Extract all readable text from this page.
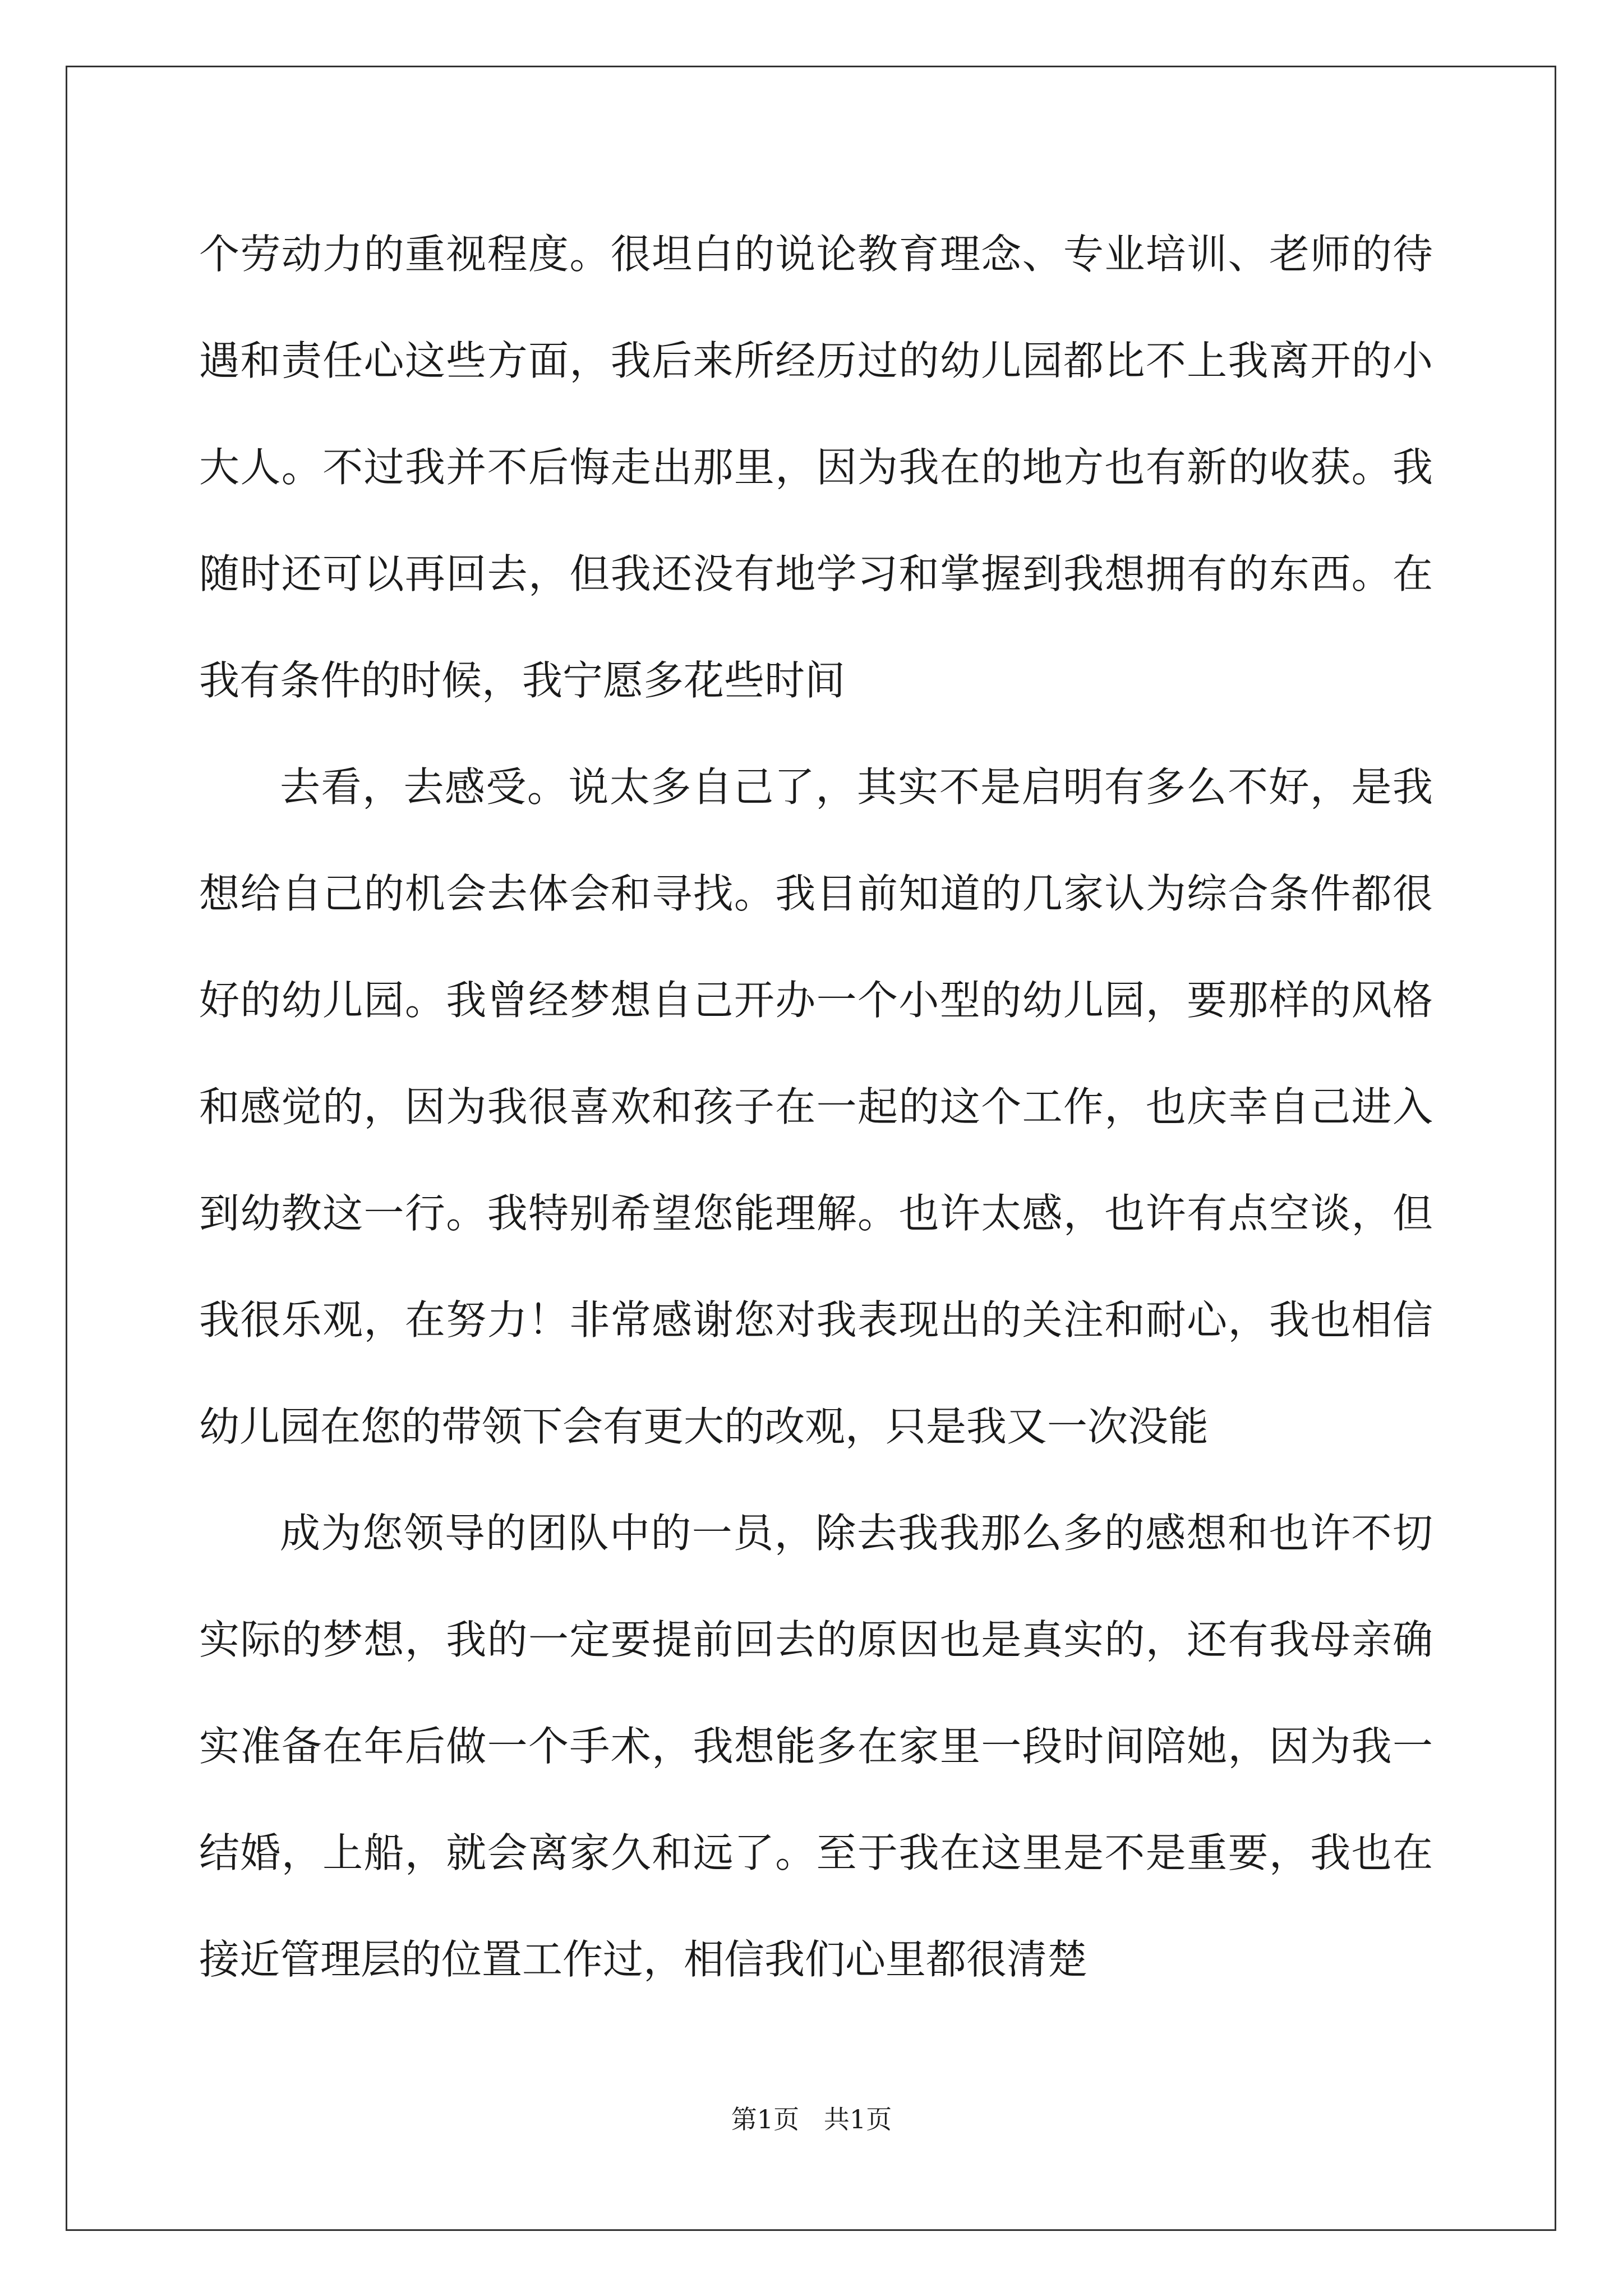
个劳动力的重视程度。很坦白的说论教育理念、专业培训、老师的待遇和责任心这些方面，我后来所经历过的幼儿园都比不上我离开的小大人。不过我并不后悔走出那里，因为我在的地方也有新的收获。我随时还可以再回去，但我还没有地学习和掌握到我想拥有的东西。在我有条件的时候，我宁愿多花些时间

去看，去感受。说太多自己了，其实不是启明有多么不好，是我想给自己的机会去体会和寻找。我目前知道的几家认为综合条件都很好的幼儿园。我曾经梦想自己开办一个小型的幼儿园，要那样的风格和感觉的，因为我很喜欢和孩子在一起的这个工作，也庆幸自己进入到幼教这一行。我特别希望您能理解。也许太感，也许有点空谈，但我很乐观，在努力！非常感谢您对我表现出的关注和耐心，我也相信幼儿园在您的带领下会有更大的改观，只是我又一次没能

成为您领导的团队中的一员，除去我我那么多的感想和也许不切实际的梦想，我的一定要提前回去的原因也是真实的，还有我母亲确实准备在年后做一个手术，我想能多在家里一段时间陪她，因为我一结婚，上船，就会离家久和远了。至于我在这里是不是重要，我也在接近管理层的位置工作过，相信我们心里都很清楚

第1页   共1页
